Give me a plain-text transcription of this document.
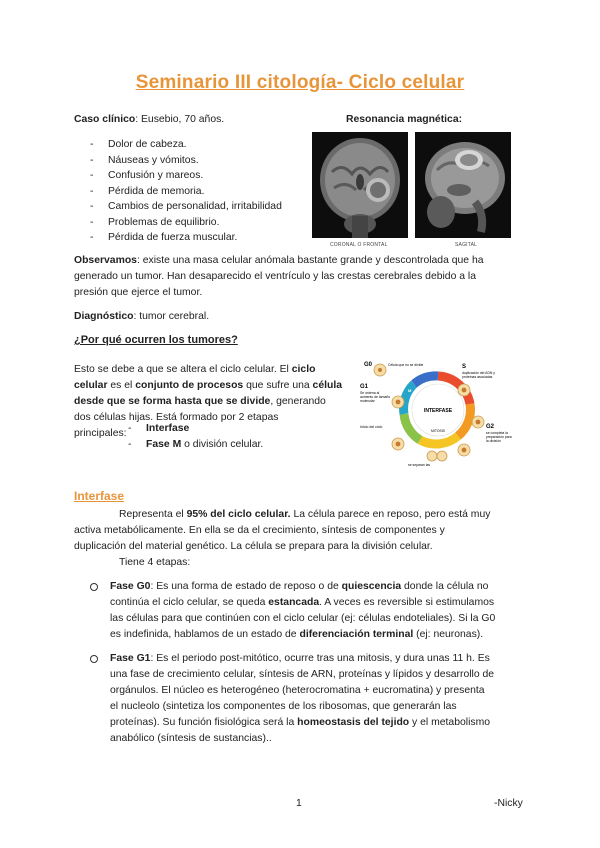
Seminario III citología- Ciclo celular
Caso clínico: Eusebio, 70 años.	Resonancia magnética:
- Dolor de cabeza.
- Náuseas y vómitos.
- Confusión y mareos.
- Pérdida de memoria.
- Cambios de personalidad, irritabilidad
- Problemas de equilibrio.
- Pérdida de fuerza muscular.
CORONAL O FRONTAL	SAGITAL
Observamos: existe una masa celular anómala bastante grande y descontrolada que ha
generado un tumor. Han desaparecido el ventrículo y las crestas cerebrales debido a la
presión que ejerce el tumor.
Diagnóstico: tumor cerebral.
¿Por qué ocurren los tumores?
Esto se debe a que se altera el ciclo celular. El ciclo
celular es el conjunto de procesos que sufre una célula
desde que se forma hasta que se divide, generando
dos células hijas. Está formado por 2 etapas
principales:
-	Interfase
- Fase M o división celular.
G0	Célula que no se divide	S
duplicación del ADN y
proteínas asociadas
G1
Se ordena al
aumento de tamaño
molecular
Inicio del ciclo
INTERFASE
MITOSIS
M
G2
se completa la
preparación para
la división
se separan las
Interfase
Representa el 95% del ciclo celular. La célula parece en reposo, pero está muy
activa metabólicamente. En ella se da el crecimiento, síntesis de componentes y
duplicación del material genético. La célula se prepara para la división celular.
Tiene 4 etapas:
Fase G0: Es una forma de estado de reposo o de quiescencia donde la célula no
continúa el ciclo celular, se queda estancada. A veces es reversible si estimulamos
las células para que continúen con el ciclo celular (ej: células endoteliales). Si la G0
es indefinida, hablamos de un estado de diferenciación terminal (ej: neuronas).
Fase G1: Es el periodo post-mitótico, ocurre tras una mitosis, y dura unas 11 h. Es
una fase de crecimiento celular, síntesis de ARN, proteínas y lípidos y desarrollo de
orgánulos. El núcleo es heterogéneo (heterocromatina + eucromatina) y presenta
el nucleolo (sintetiza los componentes de los ribosomas, que generarán las
proteínas). Su función fisiológica será la homeostasis del tejido y el metabolismo
anabólico (síntesis de sustancias)..
1	-Nicky
